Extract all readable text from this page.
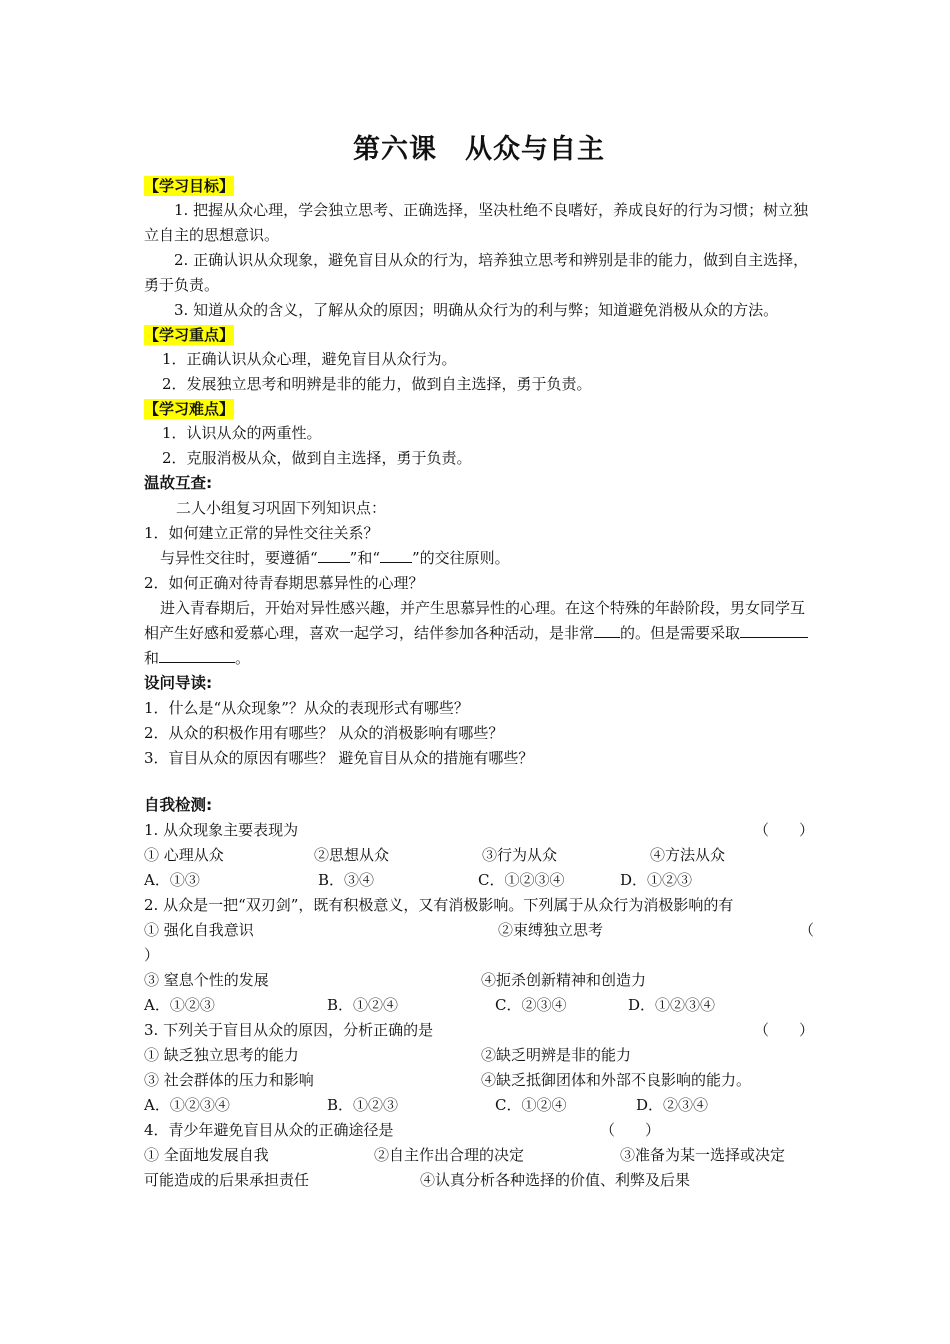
第六课　从众与自主
【学习目标】
1. 把握从众心理，学会独立思考、正确选择，坚决杜绝不良嗜好，养成良好的行为习惯；树立独立自主的思想意识。
2. 正确认识从众现象，避免盲目从众的行为，培养独立思考和辨别是非的能力，做到自主选择，勇于负责。
3. 知道从众的含义，了解从众的原因；明确从众行为的利与弊；知道避免消极从众的方法。
【学习重点】
1．正确认识从众心理，避免盲目从众行为。
2．发展独立思考和明辨是非的能力，做到自主选择，勇于负责。
【学习难点】
1．认识从众的两重性。
2．克服消极从众，做到自主选择，勇于负责。
温故互查:
二人小组复习巩固下列知识点：
1．如何建立正常的异性交往关系？
与异性交往时，要遵循“ ”和“ ”的交往原则。
2．如何正确对待青春期思慕异性的心理？
进入青春期后，开始对异性感兴趣，并产生思慕异性的心理。在这个特殊的年龄阶段，男女同学互相产生好感和爱慕心理，喜欢一起学习，结伴参加各种活动，是非常 的。但是需要采取和	。
设问导读:
1．什么是“从众现象”？从众的表现形式有哪些？
2．从众的积极作用有哪些？ 从众的消极影响有哪些？
3．盲目从众的原因有哪些？ 避免盲目从众的措施有哪些？
自我检测:
1. 从众现象主要表现为	（　　）
① 心理从众	②思想从众	③行为从众	④方法从众
A．①③	B．③④	C．①②③④	D．①②③
2. 从众是一把“双刃剑”，既有积极意义，又有消极影响。下列属于从众行为消极影响的有
① 强化自我意识	②束缚独立思考	（
）
③ 窒息个性的发展	④扼杀创新精神和创造力
A．①②③	B．①②④	C．②③④	D．①②③④
3. 下列关于盲目从众的原因，分析正确的是	（　　）
① 缺乏独立思考的能力	②缺乏明辨是非的能力
③ 社会群体的压力和影响	④缺乏抵御团体和外部不良影响的能力。
A．①②③④	B．①②③	C．①②④	D．②③④
4．青少年避免盲目从众的正确途径是	（　　）
① 全面地发展自我	②自主作出合理的决定	③准备为某一选择或决定
可能造成的后果承担责任	④认真分析各种选择的价值、利弊及后果
